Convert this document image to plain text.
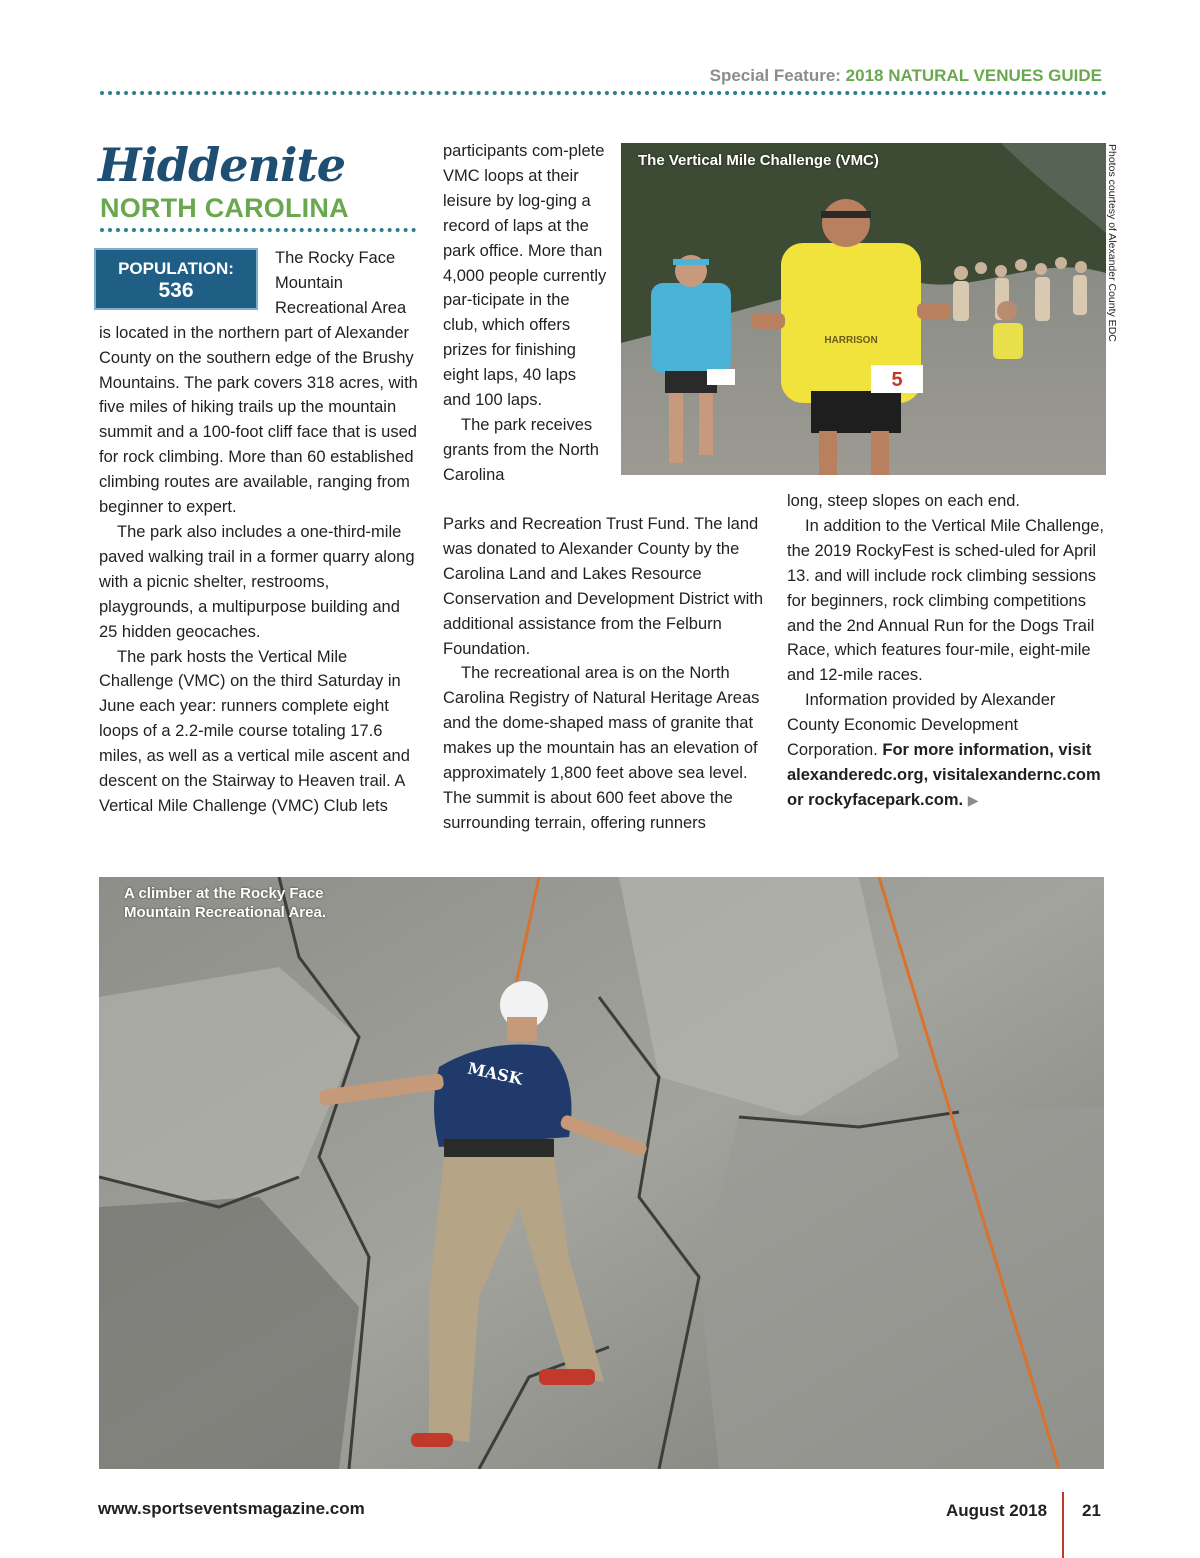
Special Feature: 2018 NATURAL VENUES GUIDE
Hiddenite
NORTH CAROLINA
POPULATION:
536

The Rocky Face Mountain Recreational Area is located in the northern part of Alexander County on the southern edge of the Brushy Mountains. The park covers 318 acres, with five miles of hiking trails up the mountain summit and a 100-foot cliff face that is used for rock climbing. More than 60 established climbing routes are available, ranging from beginner to expert.

The park also includes a one-third-mile paved walking trail in a former quarry along with a picnic shelter, restrooms, playgrounds, a multipurpose building and 25 hidden geocaches.

The park hosts the Vertical Mile Challenge (VMC) on the third Saturday in June each year: runners complete eight loops of a 2.2-mile course totaling 17.6 miles, as well as a vertical mile ascent and descent on the Stairway to Heaven trail. A Vertical Mile Challenge (VMC) Club lets

participants com-plete VMC loops at their leisure by log-ging a record of laps at the park office. More than 4,000 people currently par-ticipate in the club, which offers prizes for finishing eight laps, 40 laps and 100 laps.

The park receives grants from the North Carolina

Parks and Recreation Trust Fund. The land was donated to Alexander County by the Carolina Land and Lakes Resource Conservation and Development District with additional assistance from the Felburn Foundation.

The recreational area is on the North Carolina Registry of Natural Heritage Areas and the dome-shaped mass of granite that makes up the mountain has an elevation of approximately 1,800 feet above sea level. The summit is about 600 feet above the surrounding terrain, offering runners

long, steep slopes on each end.

In addition to the Vertical Mile Challenge, the 2019 RockyFest is sched-uled for April 13. and will include rock climbing sessions for beginners, rock climbing competitions and the 2nd Annual Run for the Dogs Trail Race, which features four-mile, eight-mile and 12-mile races.

Information provided by Alexander County Economic Development Corporation. For more information, visit alexanderedc.org, visitalexandernc.com or rockyfacepark.com. ▶

5
HARRISON
The Vertical Mile Challenge (VMC)	Photos courtesy of Alexander County EDC
MASK
A climber at the Rocky Face
Mountain Recreational Area.
www.sportseventsmagazine.com	August 2018 21
